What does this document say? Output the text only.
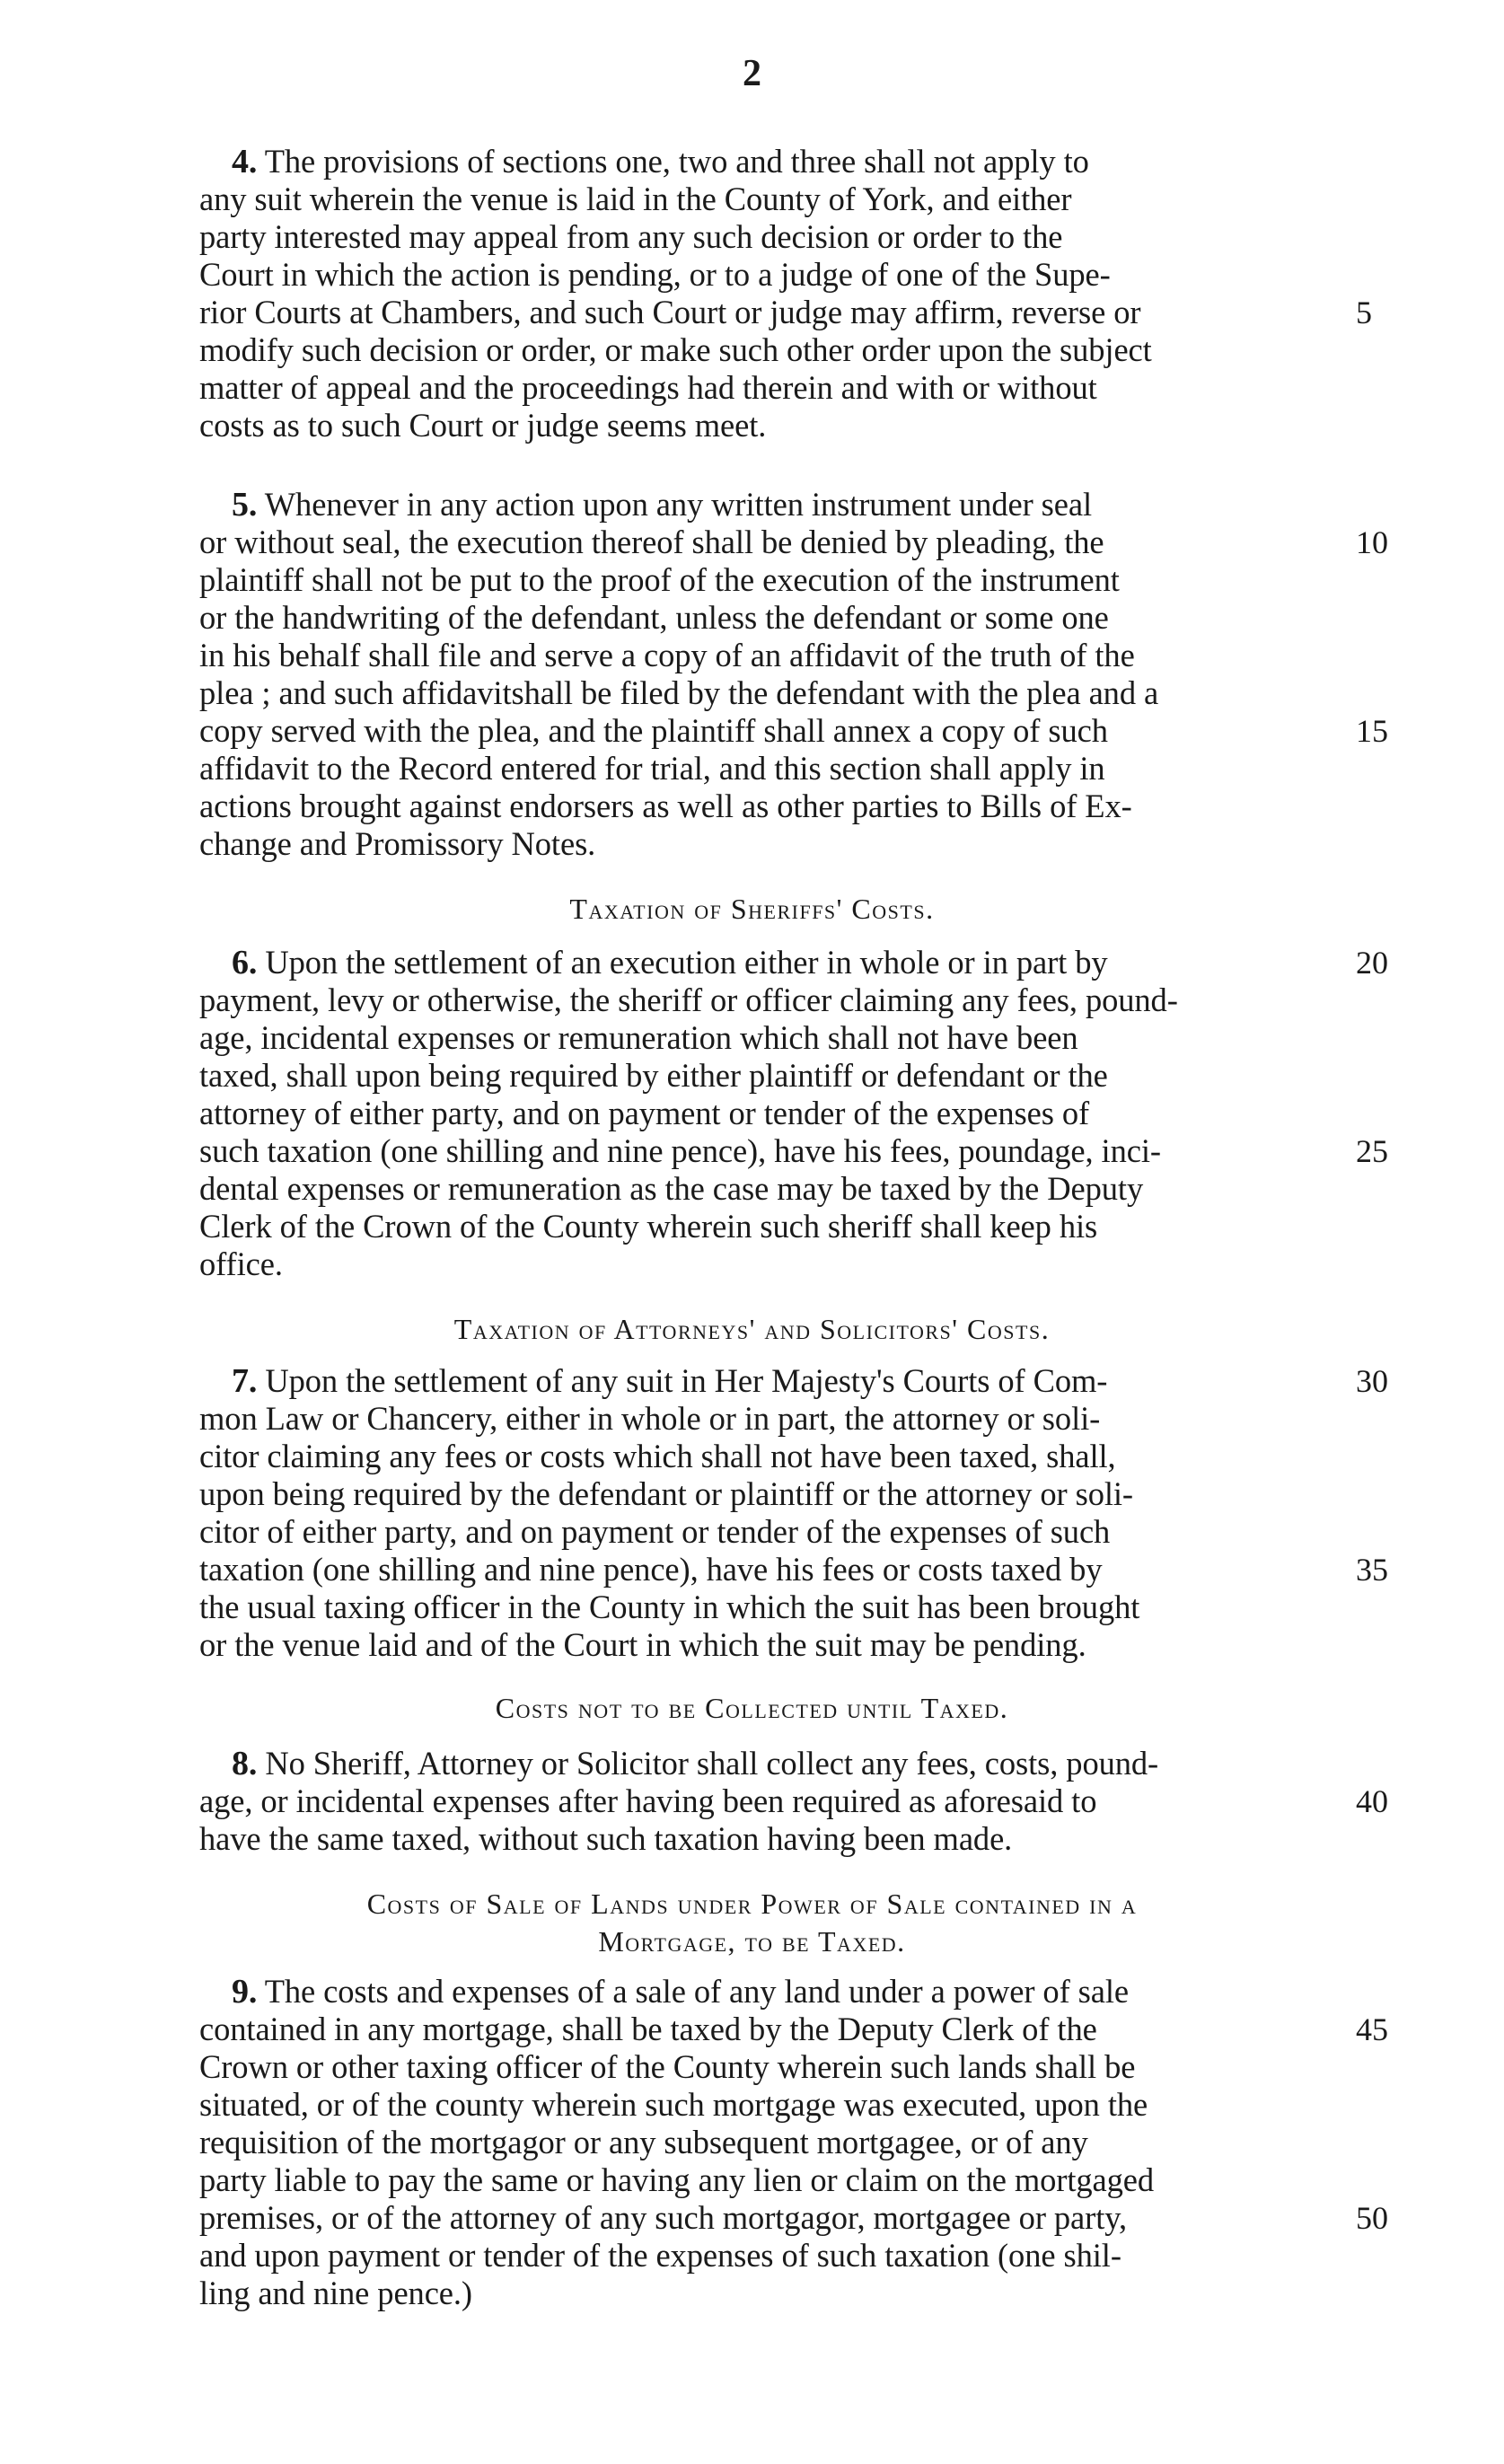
2
4. The provisions of sections one, two and three shall not apply to
any suit wherein the venue is laid in the County of York, and either
party interested may appeal from any such decision or order to the
Court in which the action is pending, or to a judge of one of the Supe-
rior Courts at Chambers, and such Court or judge may affirm, reverse or
modify such decision or order, or make such other order upon the subject
matter of appeal and the proceedings had therein and with or without
costs as to such Court or judge seems meet.
5. Whenever in any action upon any written instrument under seal
or without seal, the execution thereof shall be denied by pleading, the
plaintiff shall not be put to the proof of the execution of the instrument
or the handwriting of the defendant, unless the defendant or some one
in his behalf shall file and serve a copy of an affidavit of the truth of the
plea ; and such affidavitshall be filed by the defendant with the plea and a
copy served with the plea, and the plaintiff shall annex a copy of such
affidavit to the Record entered for trial, and this section shall apply in
actions brought against endorsers as well as other parties to Bills of Ex-
change and Promissory Notes.
Taxation of Sheriffs' Costs.
6. Upon the settlement of an execution either in whole or in part by
payment, levy or otherwise, the sheriff or officer claiming any fees, pound-
age, incidental expenses or remuneration which shall not have been
taxed, shall upon being required by either plaintiff or defendant or the
attorney of either party, and on payment or tender of the expenses of
such taxation (one shilling and nine pence), have his fees, poundage, inci-
dental expenses or remuneration as the case may be taxed by the Deputy
Clerk of the Crown of the County wherein such sheriff shall keep his
office.
Taxation of Attorneys' and Solicitors' Costs.
7. Upon the settlement of any suit in Her Majesty's Courts of Com-
mon Law or Chancery, either in whole or in part, the attorney or soli-
citor claiming any fees or costs which shall not have been taxed, shall,
upon being required by the defendant or plaintiff or the attorney or soli-
citor of either party, and on payment or tender of the expenses of such
taxation (one shilling and nine pence), have his fees or costs taxed by
the usual taxing officer in the County in which the suit has been brought
or the venue laid and of the Court in which the suit may be pending.
Costs not to be Collected until Taxed.
8. No Sheriff, Attorney or Solicitor shall collect any fees, costs, pound-
age, or incidental expenses after having been required as aforesaid to
have the same taxed, without such taxation having been made.
Costs of Sale of Lands under Power of Sale contained in a
Mortgage, to be Taxed.
9. The costs and expenses of a sale of any land under a power of sale
contained in any mortgage, shall be taxed by the Deputy Clerk of the
Crown or other taxing officer of the County wherein such lands shall be
situated, or of the county wherein such mortgage was executed, upon the
requisition of the mortgagor or any subsequent mortgagee, or of any
party liable to pay the same or having any lien or claim on the mortgaged
premises, or of the attorney of any such mortgagor, mortgagee or party,
and upon payment or tender of the expenses of such taxation (one shil-
ling and nine pence.)
5
10
15
20
25
30
35
40
45
50
